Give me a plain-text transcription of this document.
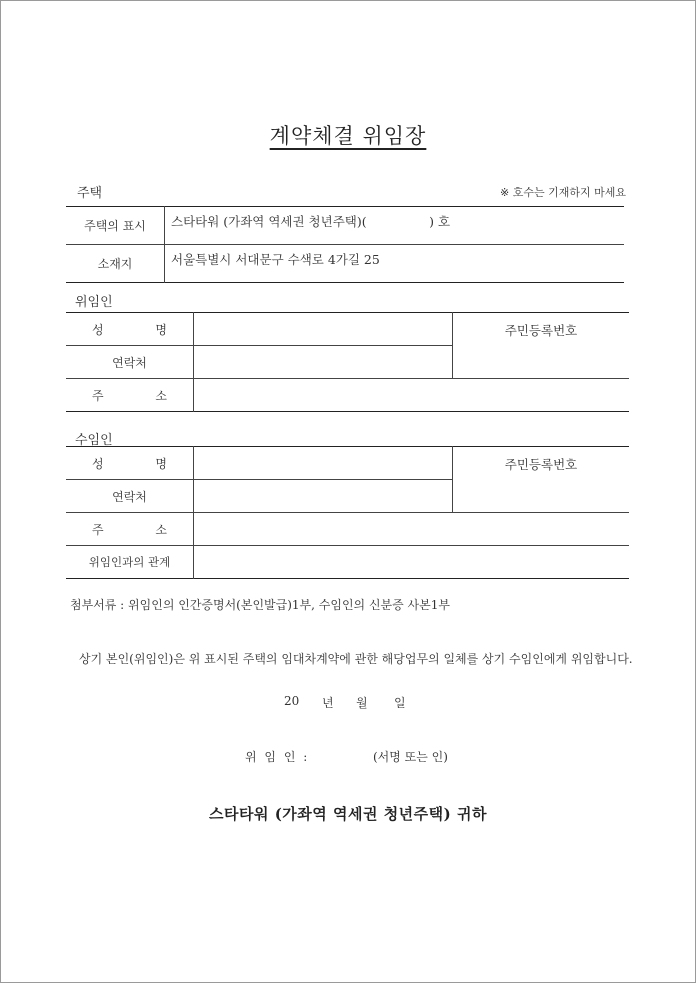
계약체결 위임장
주택	※ 호수는 기재하지 마세요
주택의 표시	스타타워 (가좌역 역세권 청년주택)(　　　　　) 호
소재지	서울특별시 서대문구 수색로 4가길 25
위임인
성 명		주민등록번호
연락처		
주 소		
수임인
성 명		주민등록번호
연락처		
주 소		
위임인과의 관계		
첨부서류 : 위임인의 인간증명서(본인발급)1부, 수임인의 신분증 사본1부
상기 본인(위임인)은 위 표시된 주택의 임대차계약에 관한 해당업무의 일체를 상기 수임인에게 위임합니다.
20 년 월 일
위 임 인 :	(서명 또는 인)
스타타워 (가좌역 역세권 청년주택) 귀하
